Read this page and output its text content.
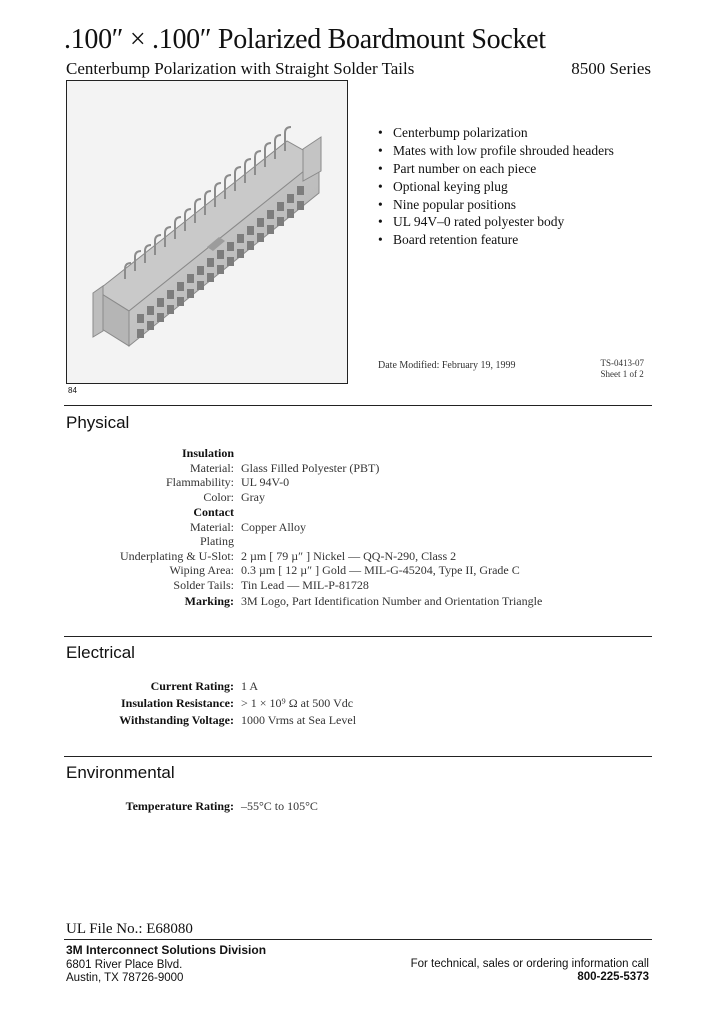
.100″ × .100″ Polarized Boardmount Socket
Centerbump Polarization with Straight Solder Tails	8500 Series
84
• Centerbump polarization
• Mates with low profile shrouded headers
• Part number on each piece
• Optional keying plug
• Nine popular positions
• UL 94V–0 rated polyester body
• Board retention feature
Date Modified: February 19, 1999	TS-0413-07
Sheet 1 of 2
Physical
Insulation
Material: Glass Filled Polyester (PBT)
Flammability: UL 94V-0
Color: Gray
Contact
Material: Copper Alloy
Plating
Underplating & U-Slot: 2 µm [ 79 µ″ ] Nickel — QQ-N-290, Class 2
Wiping Area: 0.3 µm [ 12 µ″ ] Gold — MIL-G-45204, Type II, Grade C
Solder Tails: Tin Lead — MIL-P-81728
Marking: 3M Logo, Part Identification Number and Orientation Triangle
Electrical
Current Rating: 1 A
Insulation Resistance: > 1 × 10⁹ Ω at 500 Vdc
Withstanding Voltage: 1000 Vrms at Sea Level
Environmental
Temperature Rating: –55°C to 105°C
UL File No.: E68080
3M Interconnect Solutions Division
6801 River Place Blvd.
Austin, TX 78726-9000
For technical, sales or ordering information call
800-225-5373
